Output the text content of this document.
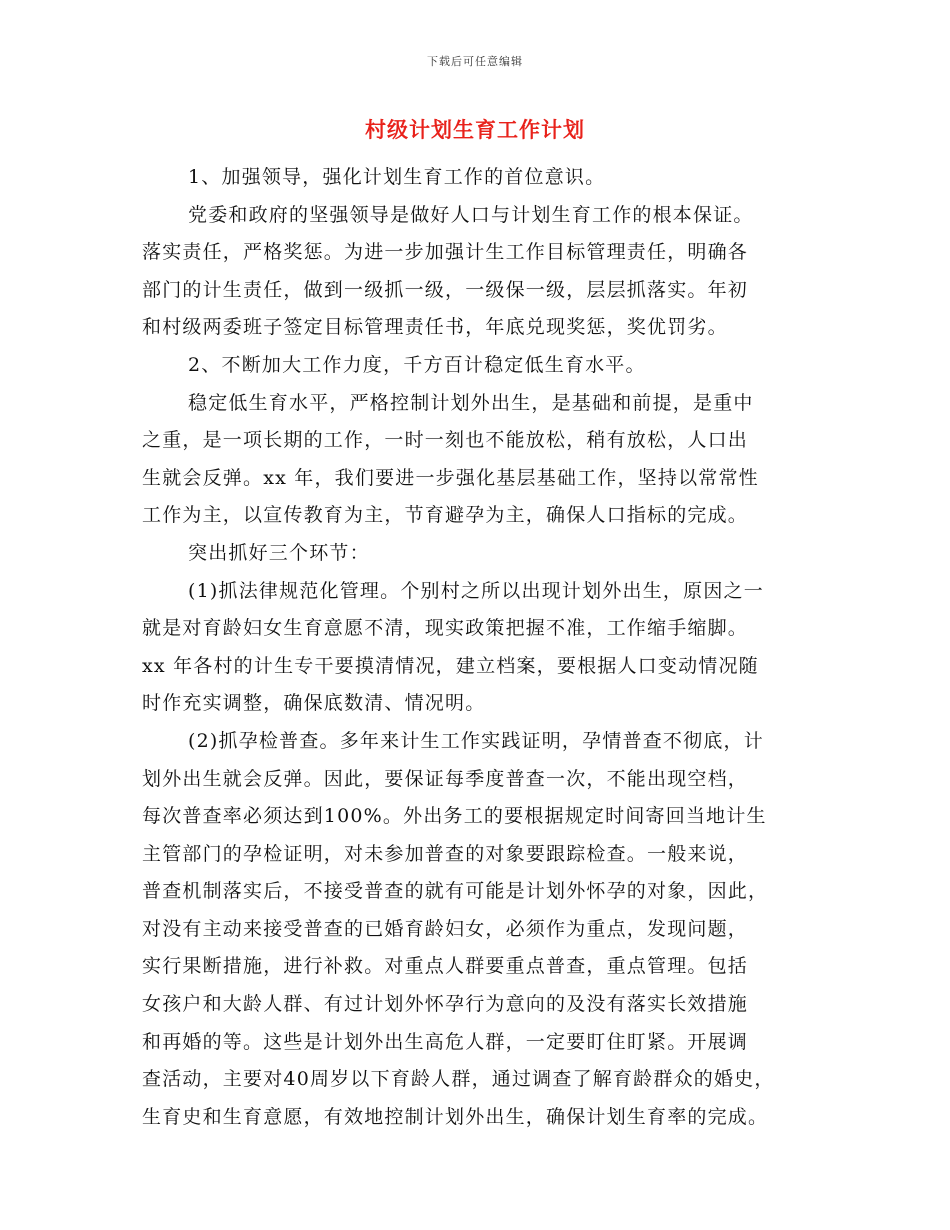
下载后可任意编辑
村级计划生育工作计划
1、加强领导，强化计划生育工作的首位意识。
党委和政府的坚强领导是做好人口与计划生育工作的根本保证。
落实责任，严格奖惩。为进一步加强计生工作目标管理责任，明确各
部门的计生责任，做到一级抓一级，一级保一级，层层抓落实。年初
和村级两委班子签定目标管理责任书，年底兑现奖惩，奖优罚劣。
2、不断加大工作力度，千方百计稳定低生育水平。
稳定低生育水平，严格控制计划外出生，是基础和前提，是重中
之重，是一项长期的工作，一时一刻也不能放松，稍有放松，人口出
生就会反弹。xx 年，我们要进一步强化基层基础工作，坚持以常常性
工作为主，以宣传教育为主，节育避孕为主，确保人口指标的完成。
突出抓好三个环节：
(1)抓法律规范化管理。个别村之所以出现计划外出生，原因之一
就是对育龄妇女生育意愿不清，现实政策把握不准，工作缩手缩脚。
xx 年各村的计生专干要摸清情况，建立档案，要根据人口变动情况随
时作充实调整，确保底数清、情况明。
(2)抓孕检普查。多年来计生工作实践证明，孕情普查不彻底，计
划外出生就会反弹。因此，要保证每季度普查一次，不能出现空档，
每次普查率必须达到100%。外出务工的要根据规定时间寄回当地计生
主管部门的孕检证明，对未参加普查的对象要跟踪检查。一般来说，
普查机制落实后，不接受普查的就有可能是计划外怀孕的对象，因此，
对没有主动来接受普查的已婚育龄妇女，必须作为重点，发现问题，
实行果断措施，进行补救。对重点人群要重点普查，重点管理。包括
女孩户和大龄人群、有过计划外怀孕行为意向的及没有落实长效措施
和再婚的等。这些是计划外出生高危人群，一定要盯住盯紧。开展调
查活动，主要对40周岁以下育龄人群，通过调查了解育龄群众的婚史，
生育史和生育意愿，有效地控制计划外出生，确保计划生育率的完成。
